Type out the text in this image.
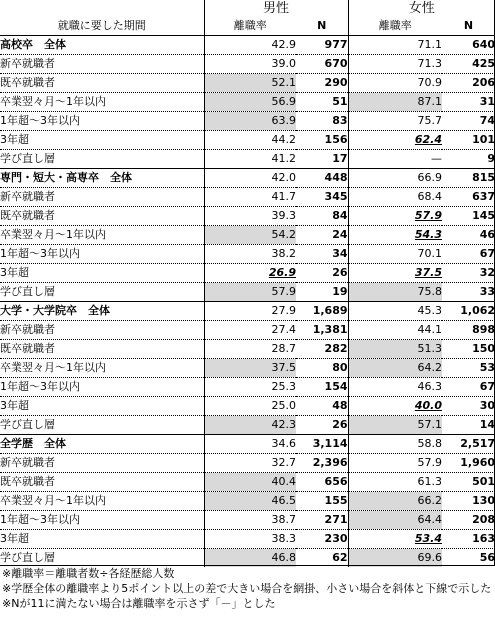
	男性		女性	
就職に要した期間	離職率	N	離職率	N
高校卒　全体	42.9	977	71.1	640
新卒就職者	39.0	670	71.3	425
既卒就職者	52.1	290	70.9	206
卒業翌々月～1年以内	56.9	51	87.1	31
1年超～3年以内	63.9	83	75.7	74
3年超	44.2	156	62.4	101
学び直し層	41.2	17	—	9
専門・短大・高専卒　全体	42.0	448	66.9	815
新卒就職者	41.7	345	68.4	637
既卒就職者	39.3	84	57.9	145
卒業翌々月～1年以内	54.2	24	54.3	46
1年超～3年以内	38.2	34	70.1	67
3年超	26.9	26	37.5	32
学び直し層	57.9	19	75.8	33
大学・大学院卒　全体	27.9	1,689	45.3	1,062
新卒就職者	27.4	1,381	44.1	898
既卒就職者	28.7	282	51.3	150
卒業翌々月～1年以内	37.5	80	64.2	53
1年超～3年以内	25.3	154	46.3	67
3年超	25.0	48	40.0	30
学び直し層	42.3	26	57.1	14
全学歴　全体	34.6	3,114	58.8	2,517
新卒就職者	32.7	2,396	57.9	1,960
既卒就職者	40.4	656	61.3	501
卒業翌々月～1年以内	46.5	155	66.2	130
1年超～3年以内	38.7	271	64.4	208
3年超	38.3	230	53.4	163
学び直し層	46.8	62	69.6	56
※離職率＝離職者数÷各経歴総人数
※学歴全体の離職率より5ポイント以上の差で大きい場合を網掛、小さい場合を斜体と下線で示した
※Nが11に満たない場合は離職率を示さず「－」とした
